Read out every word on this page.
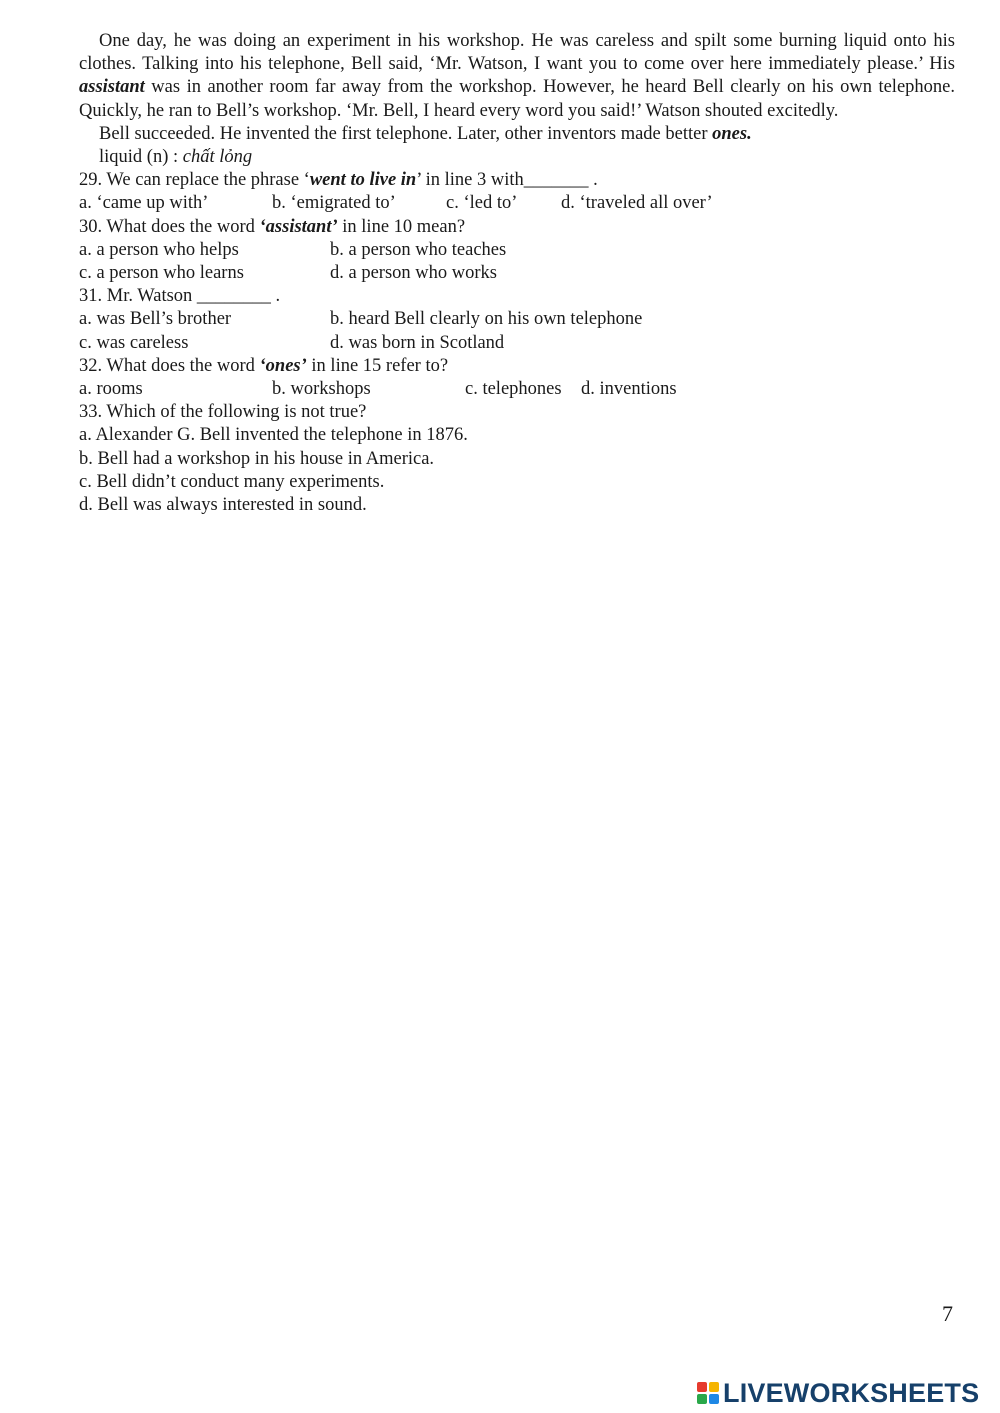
One day, he was doing an experiment in his workshop. He was careless and spilt some burning liquid onto his clothes. Talking into his telephone, Bell said, ‘Mr. Watson, I want you to come over here immediately please.’ His assistant was in another room far away from the workshop. However, he heard Bell clearly on his own telephone. Quickly, he ran to Bell’s workshop. ‘Mr. Bell, I heard every word you said!’ Watson shouted excitedly.

Bell succeeded. He invented the first telephone. Later, other inventors made better ones.

liquid (n) : chất lỏng

29. We can replace the phrase ‘went to live in’ in line 3 with_______ .

a. ‘came up with’	b. ‘emigrated to’	c. ‘led to’	d. ‘traveled all over’

30. What does the word ‘assistant’ in line 10 mean?

a. a person who helps	b. a person who teaches
c. a person who learns	d. a person who works

31. Mr. Watson ________ .

a. was Bell’s brother	b. heard Bell clearly on his own telephone
c. was careless	d. was born in Scotland

32. What does the word ‘ones’ in line 15 refer to?

a. rooms	b. workshops	c. telephones	d. inventions

33. Which of the following is not true?

a. Alexander G. Bell invented the telephone in 1876.

b. Bell had a workshop in his house in America.

c. Bell didn’t conduct many experiments.

d. Bell was always interested in sound.

7
LIVEWORKSHEETS
